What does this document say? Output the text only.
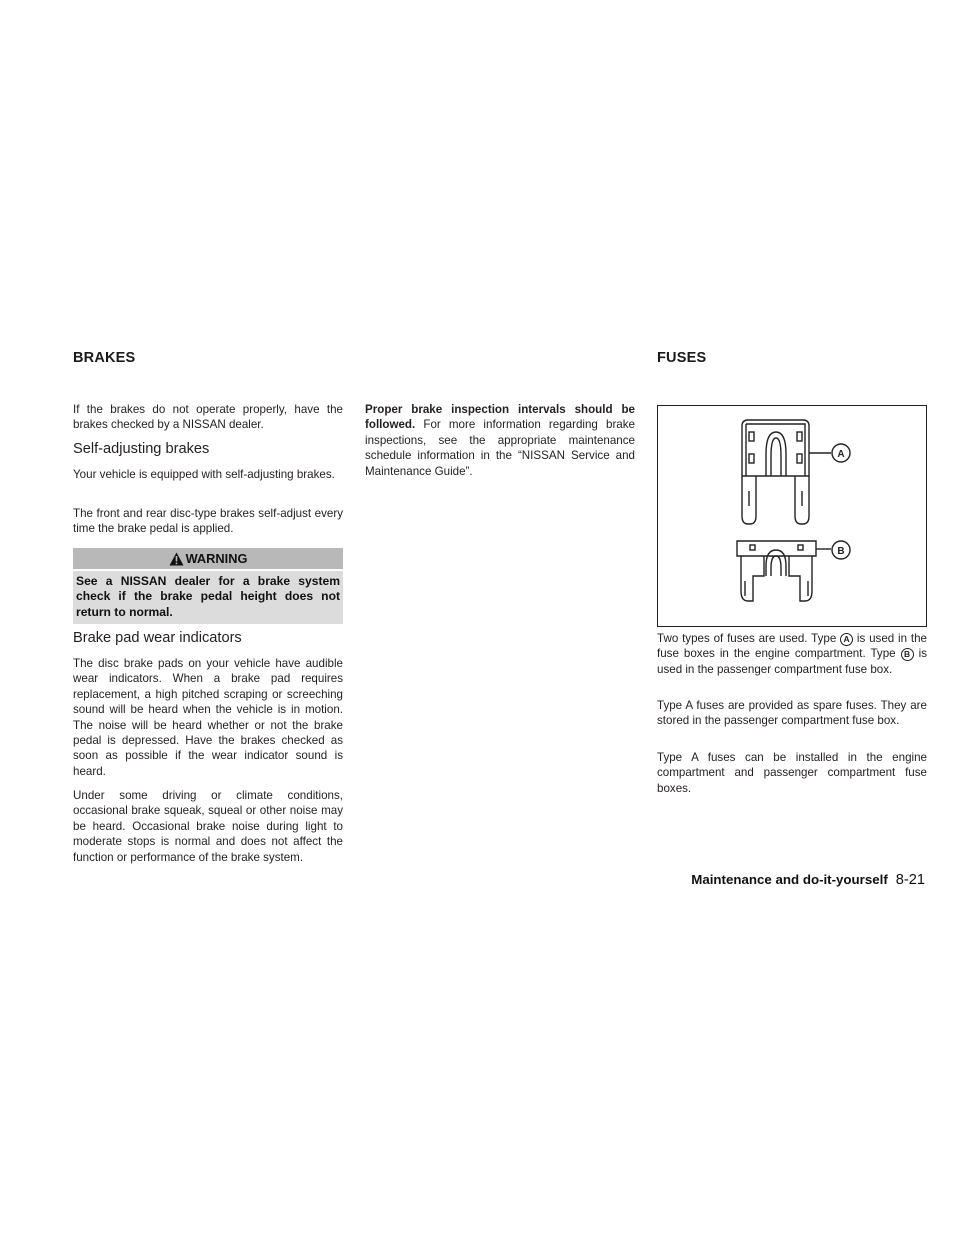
BRAKES
If the brakes do not operate properly, have the brakes checked by a NISSAN dealer.
Self-adjusting brakes
Your vehicle is equipped with self-adjusting brakes.
The front and rear disc-type brakes self-adjust every time the brake pedal is applied.
WARNING
See a NISSAN dealer for a brake system check if the brake pedal height does not return to normal.
Brake pad wear indicators
The disc brake pads on your vehicle have audible wear indicators. When a brake pad requires replacement, a high pitched scraping or screeching sound will be heard when the vehicle is in motion. The noise will be heard whether or not the brake pedal is depressed. Have the brakes checked as soon as possible if the wear indicator sound is heard.
Under some driving or climate conditions, occasional brake squeak, squeal or other noise may be heard. Occasional brake noise during light to moderate stops is normal and does not affect the function or performance of the brake system.
Proper brake inspection intervals should be followed. For more information regarding brake inspections, see the appropriate maintenance schedule information in the “NISSAN Service and Maintenance Guide”.
FUSES
A
B
Two types of fuses are used. Type A is used in the fuse boxes in the engine compartment. Type B is used in the passenger compartment fuse box.
Type A fuses are provided as spare fuses. They are stored in the passenger compartment fuse box.
Type A fuses can be installed in the engine compartment and passenger compartment fuse boxes.
Maintenance and do-it-yourself 8-21
